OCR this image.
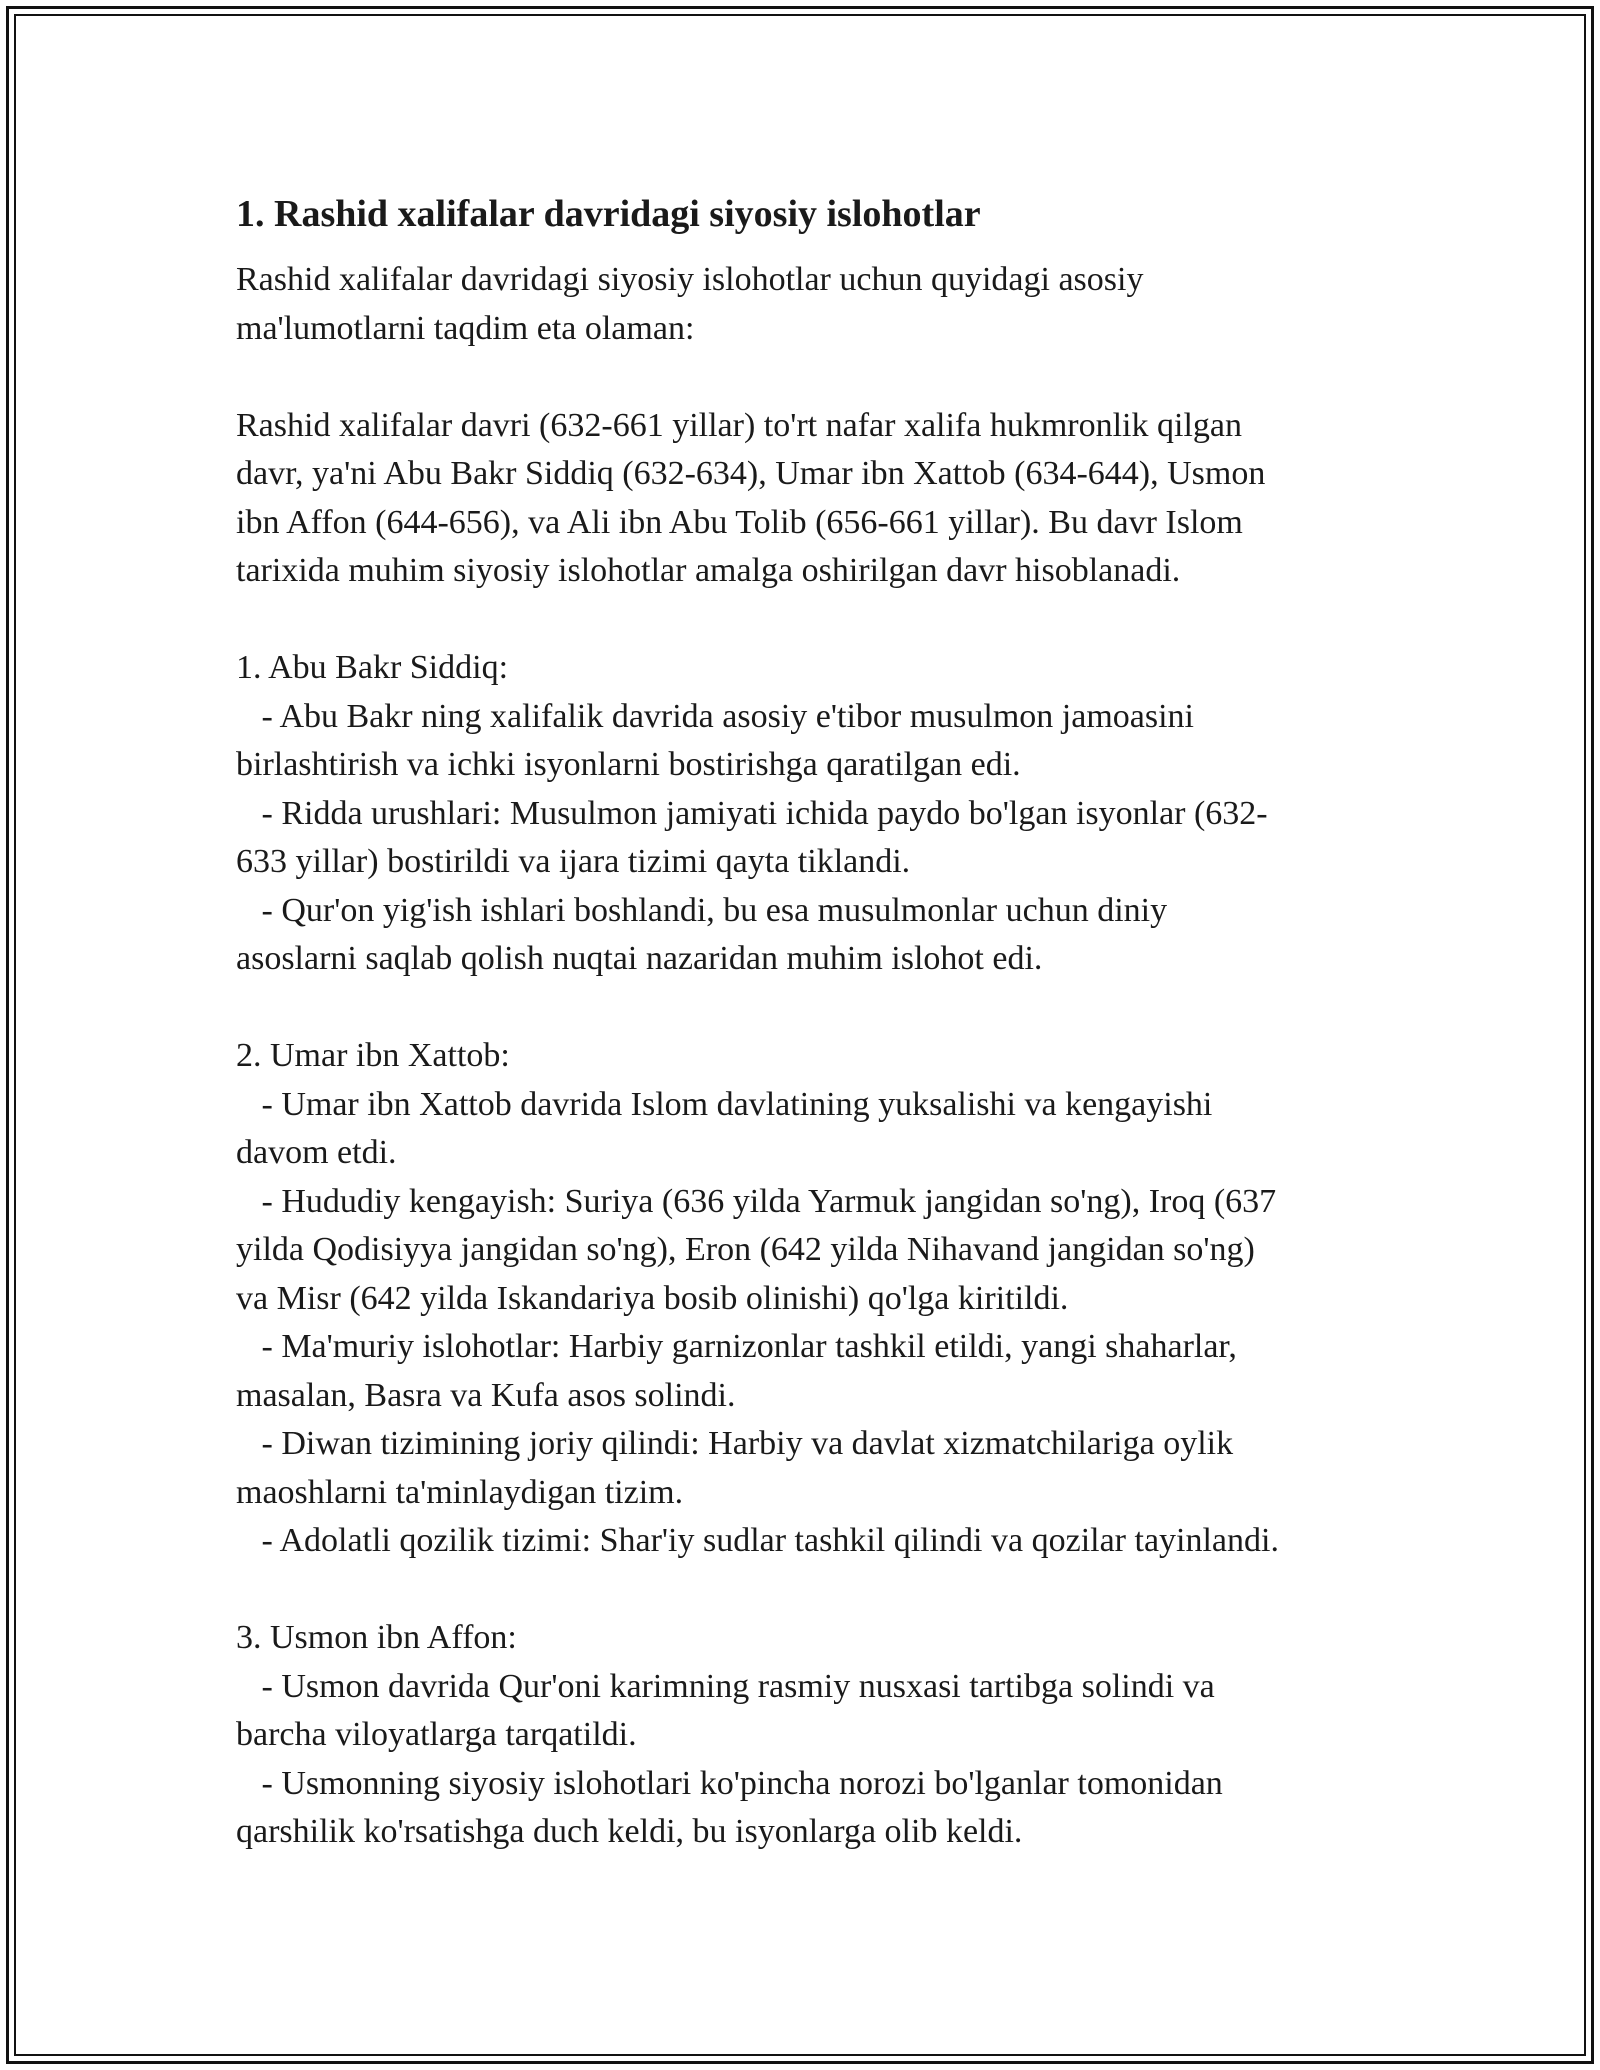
1. Rashid xalifalar davridagi siyosiy islohotlar

Rashid xalifalar davridagi siyosiy islohotlar uchun quyidagi asosiy
ma'lumotlarni taqdim eta olaman:

Rashid xalifalar davri (632-661 yillar) to'rt nafar xalifa hukmronlik qilgan
davr, ya'ni Abu Bakr Siddiq (632-634), Umar ibn Xattob (634-644), Usmon
ibn Affon (644-656), va Ali ibn Abu Tolib (656-661 yillar). Bu davr Islom
tarixida muhim siyosiy islohotlar amalga oshirilgan davr hisoblanadi.

1. Abu Bakr Siddiq:
- Abu Bakr ning xalifalik davrida asosiy e'tibor musulmon jamoasini
birlashtirish va ichki isyonlarni bostirishga qaratilgan edi.
- Ridda urushlari: Musulmon jamiyati ichida paydo bo'lgan isyonlar (632-
633 yillar) bostirildi va ijara tizimi qayta tiklandi.
- Qur'on yig'ish ishlari boshlandi, bu esa musulmonlar uchun diniy
asoslarni saqlab qolish nuqtai nazaridan muhim islohot edi.

2. Umar ibn Xattob:
- Umar ibn Xattob davrida Islom davlatining yuksalishi va kengayishi
davom etdi.
- Hududiy kengayish: Suriya (636 yilda Yarmuk jangidan so'ng), Iroq (637
yilda Qodisiyya jangidan so'ng), Eron (642 yilda Nihavand jangidan so'ng)
va Misr (642 yilda Iskandariya bosib olinishi) qo'lga kiritildi.
- Ma'muriy islohotlar: Harbiy garnizonlar tashkil etildi, yangi shaharlar,
masalan, Basra va Kufa asos solindi.
- Diwan tizimining joriy qilindi: Harbiy va davlat xizmatchilariga oylik
maoshlarni ta'minlaydigan tizim.
- Adolatli qozilik tizimi: Shar'iy sudlar tashkil qilindi va qozilar tayinlandi.

3. Usmon ibn Affon:
- Usmon davrida Qur'oni karimning rasmiy nusxasi tartibga solindi va
barcha viloyatlarga tarqatildi.
- Usmonning siyosiy islohotlari ko'pincha norozi bo'lganlar tomonidan
qarshilik ko'rsatishga duch keldi, bu isyonlarga olib keldi.
